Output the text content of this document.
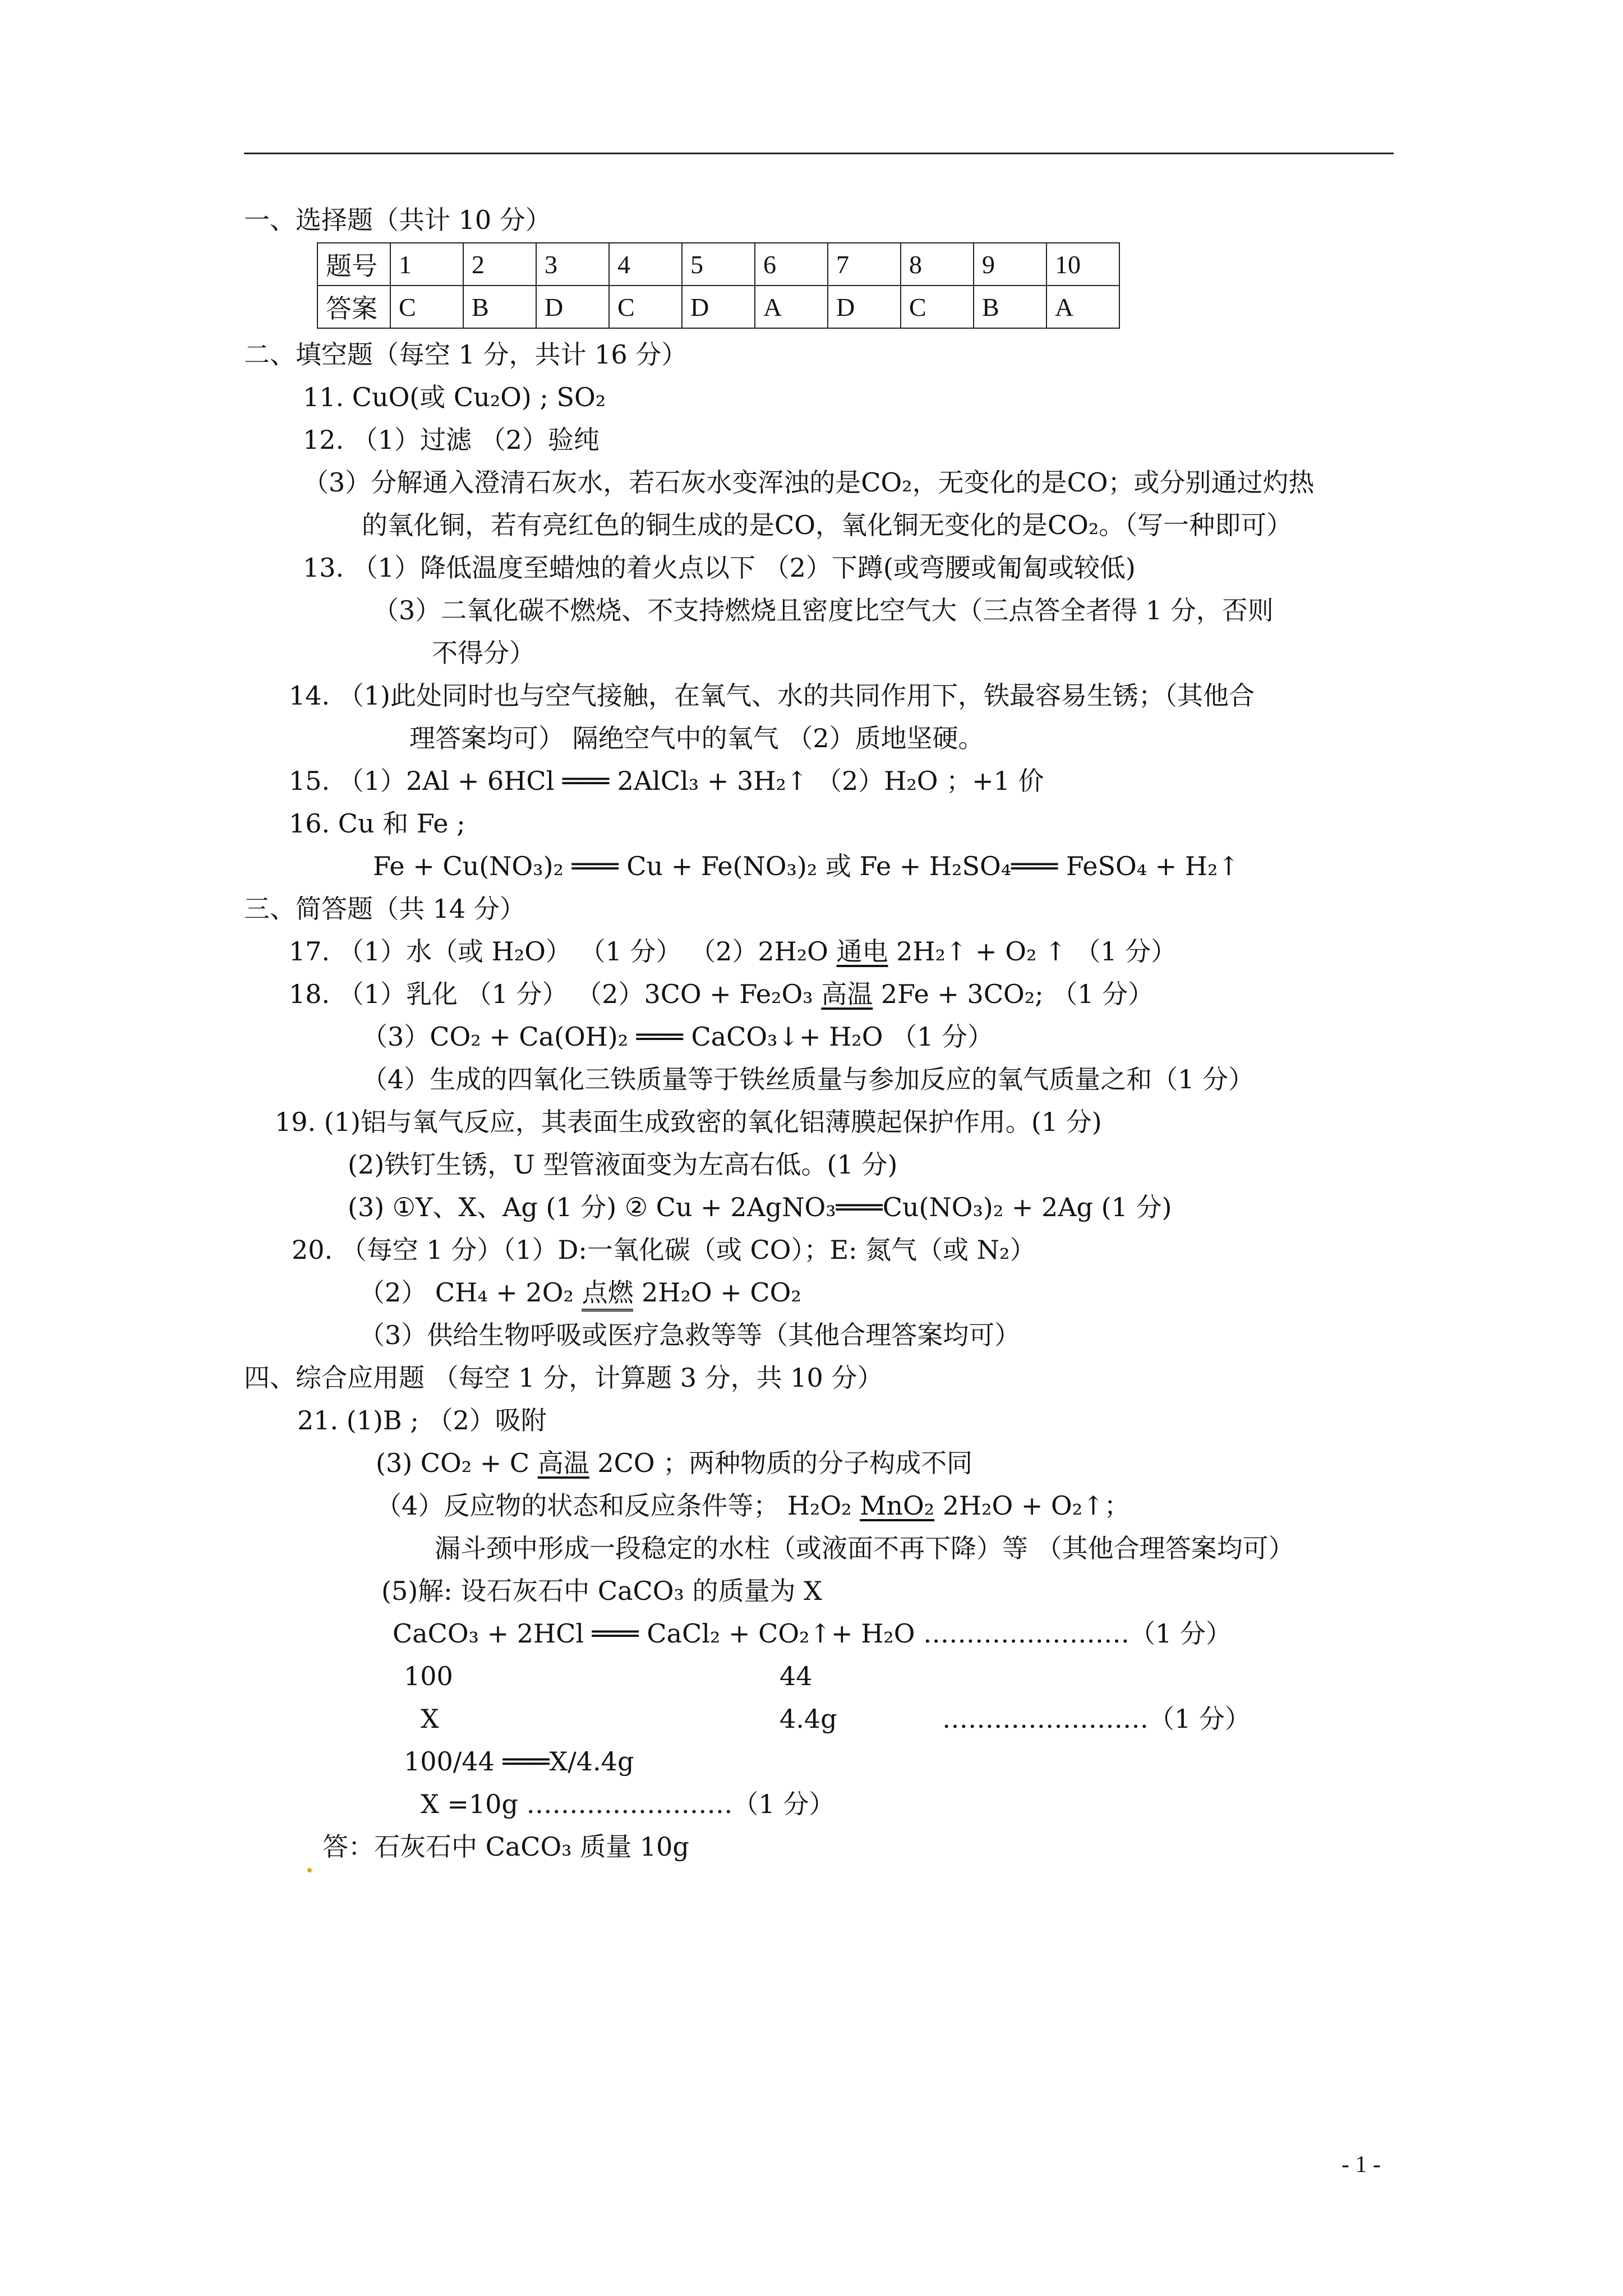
一、选择题（共计 10 分）
题号	1	2	3	4	5	6	7	8	9	10
答案	C	B	D	C	D	A	D	C	B	A
二、填空题（每空 1 分，共计 16 分）
11. CuO(或 Cu₂O) ; SO₂
12. （1）过滤 （2）验纯
（3）分解通入澄清石灰水，若石灰水变浑浊的是CO₂，无变化的是CO；或分别通过灼热
的氧化铜，若有亮红色的铜生成的是CO，氧化铜无变化的是CO₂。（写一种即可）
13. （1）降低温度至蜡烛的着火点以下 （2）下蹲(或弯腰或匍匐或较低)
（3）二氧化碳不燃烧、不支持燃烧且密度比空气大（三点答全者得 1 分，否则
不得分）
14. （1)此处同时也与空气接触，在氧气、水的共同作用下，铁最容易生锈；（其他合
理答案均可） 隔绝空气中的氧气 （2）质地坚硬。
15. （1）2Al + 6HCl ═══ 2AlCl₃ + 3H₂↑ （2）H₂O ；+1 价
16. Cu 和 Fe ;
Fe + Cu(NO₃)₂ ═══ Cu + Fe(NO₃)₂ 或 Fe + H₂SO₄═══ FeSO₄ + H₂↑
三、简答题（共 14 分）
17. （1）水（或 H₂O） （1 分） （2）2H₂O 通电 2H₂↑ + O₂ ↑ （1 分）
18. （1）乳化 （1 分） （2）3CO + Fe₂O₃ 高温 2Fe + 3CO₂; （1 分）
（3）CO₂ + Ca(OH)₂ ═══ CaCO₃↓+ H₂O （1 分）
（4）生成的四氧化三铁质量等于铁丝质量与参加反应的氧气质量之和（1 分）
19. (1)铝与氧气反应，其表面生成致密的氧化铝薄膜起保护作用。(1 分)
(2)铁钉生锈，U 型管液面变为左高右低。(1 分)
(3) ①Y、X、Ag (1 分) ② Cu + 2AgNO₃═══Cu(NO₃)₂ + 2Ag (1 分)
20. （每空 1 分）（1）D:一氧化碳（或 CO）；E: 氮气（或 N₂）
（2） CH₄ + 2O₂ 点燃 2H₂O + CO₂
（3）供给生物呼吸或医疗急救等等（其他合理答案均可）
四、综合应用题 （每空 1 分，计算题 3 分，共 10 分）
21. (1)B ; （2）吸附
(3) CO₂ + C 高温 2CO ；两种物质的分子构成不同
（4）反应物的状态和反应条件等； H₂O₂ MnO₂ 2H₂O + O₂↑；
漏斗颈中形成一段稳定的水柱（或液面不再下降）等 （其他合理答案均可）
(5)解: 设石灰石中 CaCO₃ 的质量为 X
CaCO₃ + 2HCl ═══ CaCl₂ + CO₂↑+ H₂O ……………………（1 分）
100	44
X	4.4g	……………………（1 分）
100/44 ═══X/4.4g
X =10g ……………………（1 分）
答：石灰石中 CaCO₃ 质量 10g
- 1 -
